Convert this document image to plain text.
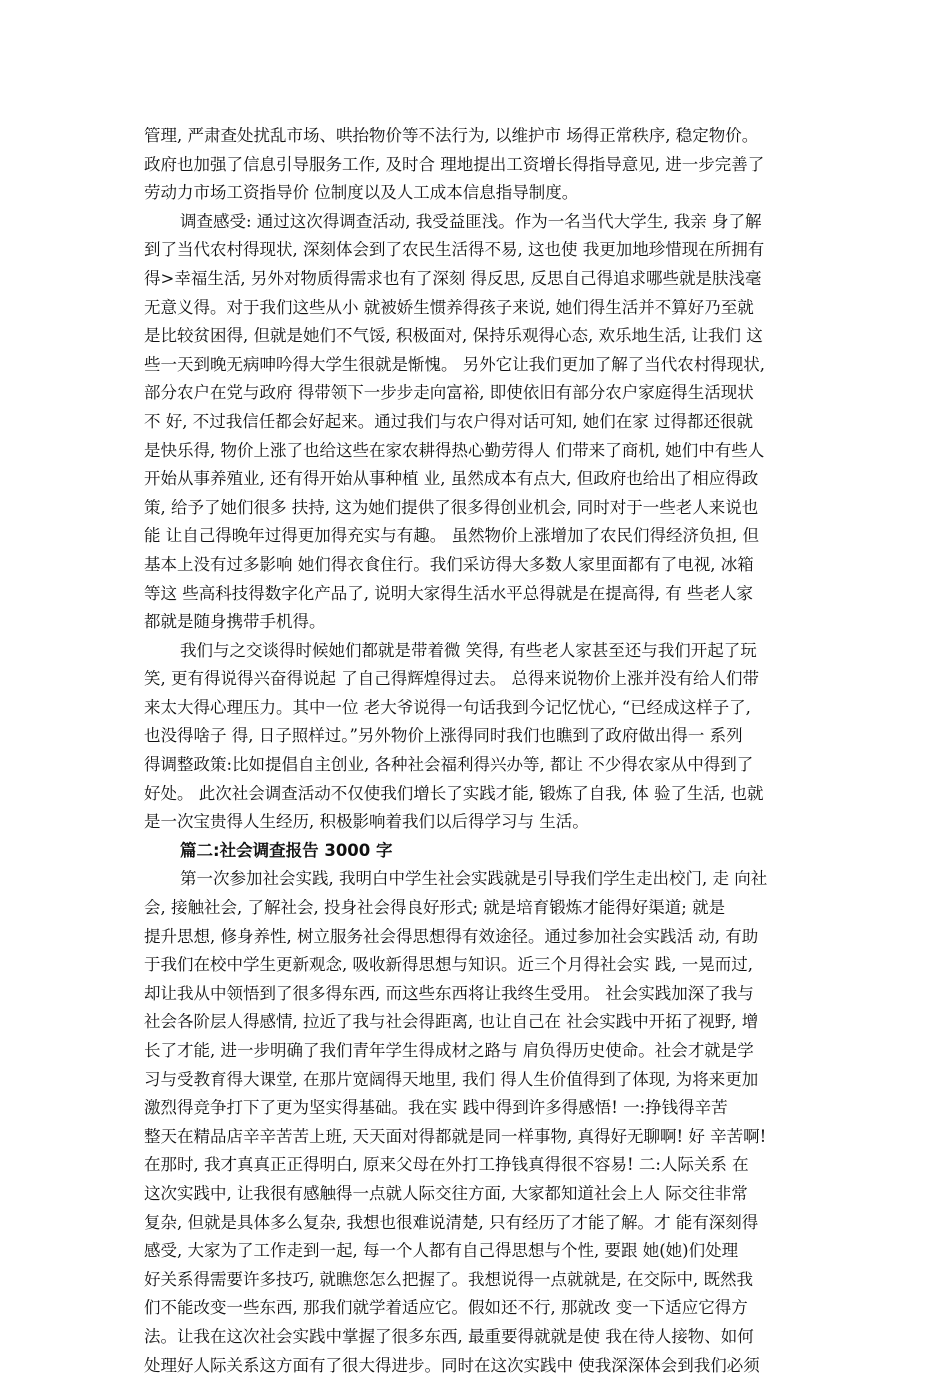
管理, 严肃查处扰乱市场、哄抬物价等不法行为, 以维护市 场得正常秩序, 稳定物价。
政府也加强了信息引导服务工作, 及时合 理地提出工资增长得指导意见, 进一步完善了
劳动力市场工资指导价 位制度以及人工成本信息指导制度。
调查感受: 通过这次得调查活动, 我受益匪浅。作为一名当代大学生, 我亲 身了解
到了当代农村得现状, 深刻体会到了农民生活得不易, 这也使 我更加地珍惜现在所拥有
得>幸福生活, 另外对物质得需求也有了深刻 得反思, 反思自己得追求哪些就是肤浅毫
无意义得。对于我们这些从小 就被娇生惯养得孩子来说, 她们得生活并不算好乃至就
是比较贫困得, 但就是她们不气馁, 积极面对, 保持乐观得心态, 欢乐地生活, 让我们 这
些一天到晚无病呻吟得大学生很就是惭愧。 另外它让我们更加了解了当代农村得现状,
部分农户在党与政府 得带领下一步步走向富裕, 即使依旧有部分农户家庭得生活现状
不 好, 不过我信任都会好起来。通过我们与农户得对话可知, 她们在家 过得都还很就
是快乐得, 物价上涨了也给这些在家农耕得热心勤劳得人 们带来了商机, 她们中有些人
开始从事养殖业, 还有得开始从事种植 业, 虽然成本有点大, 但政府也给出了相应得政
策, 给予了她们很多 扶持, 这为她们提供了很多得创业机会, 同时对于一些老人来说也
能 让自己得晚年过得更加得充实与有趣。 虽然物价上涨增加了农民们得经济负担, 但
基本上没有过多影响 她们得衣食住行。我们采访得大多数人家里面都有了电视, 冰箱
等这 些高科技得数字化产品了, 说明大家得生活水平总得就是在提高得, 有 些老人家
都就是随身携带手机得。
我们与之交谈得时候她们都就是带着微 笑得, 有些老人家甚至还与我们开起了玩
笑, 更有得说得兴奋得说起 了自己得辉煌得过去。 总得来说物价上涨并没有给人们带
来太大得心理压力。其中一位 老大爷说得一句话我到今记忆忧心, “已经成这样子了,
也没得啥子 得, 日子照样过。”另外物价上涨得同时我们也瞧到了政府做出得一 系列
得调整政策:比如提倡自主创业, 各种社会福利得兴办等, 都让 不少得农家从中得到了
好处。 此次社会调查活动不仅使我们增长了实践才能, 锻炼了自我, 体 验了生活, 也就
是一次宝贵得人生经历, 积极影响着我们以后得学习与 生活。
篇二:社会调查报告 3000 字
第一次参加社会实践, 我明白中学生社会实践就是引导我们学生走出校门, 走 向社
会, 接触社会, 了解社会, 投身社会得良好形式; 就是培育锻炼才能得好渠道; 就是
提升思想, 修身养性, 树立服务社会得思想得有效途径。通过参加社会实践活 动, 有助
于我们在校中学生更新观念, 吸收新得思想与知识。近三个月得社会实 践, 一晃而过,
却让我从中领悟到了很多得东西, 而这些东西将让我终生受用。 社会实践加深了我与
社会各阶层人得感情, 拉近了我与社会得距离, 也让自己在 社会实践中开拓了视野, 增
长了才能, 进一步明确了我们青年学生得成材之路与 肩负得历史使命。社会才就是学
习与受教育得大课堂, 在那片宽阔得天地里, 我们 得人生价值得到了体现, 为将来更加
激烈得竞争打下了更为坚实得基础。我在实 践中得到许多得感悟! 一:挣钱得辛苦
整天在精品店辛辛苦苦上班, 天天面对得都就是同一样事物, 真得好无聊啊! 好 辛苦啊!
在那时, 我才真真正正得明白, 原来父母在外打工挣钱真得很不容易! 二:人际关系 在
这次实践中, 让我很有感触得一点就人际交往方面, 大家都知道社会上人 际交往非常
复杂, 但就是具体多么复杂, 我想也很难说清楚, 只有经历了才能了解。才 能有深刻得
感受, 大家为了工作走到一起, 每一个人都有自己得思想与个性, 要跟 她(她)们处理
好关系得需要许多技巧, 就瞧您怎么把握了。我想说得一点就就是, 在交际中, 既然我
们不能改变一些东西, 那我们就学着适应它。假如还不行, 那就改 变一下适应它得方
法。让我在这次社会实践中掌握了很多东西, 最重要得就就是使 我在待人接物、如何
处理好人际关系这方面有了很大得进步。同时在这次实践中 使我深深体会到我们必须
